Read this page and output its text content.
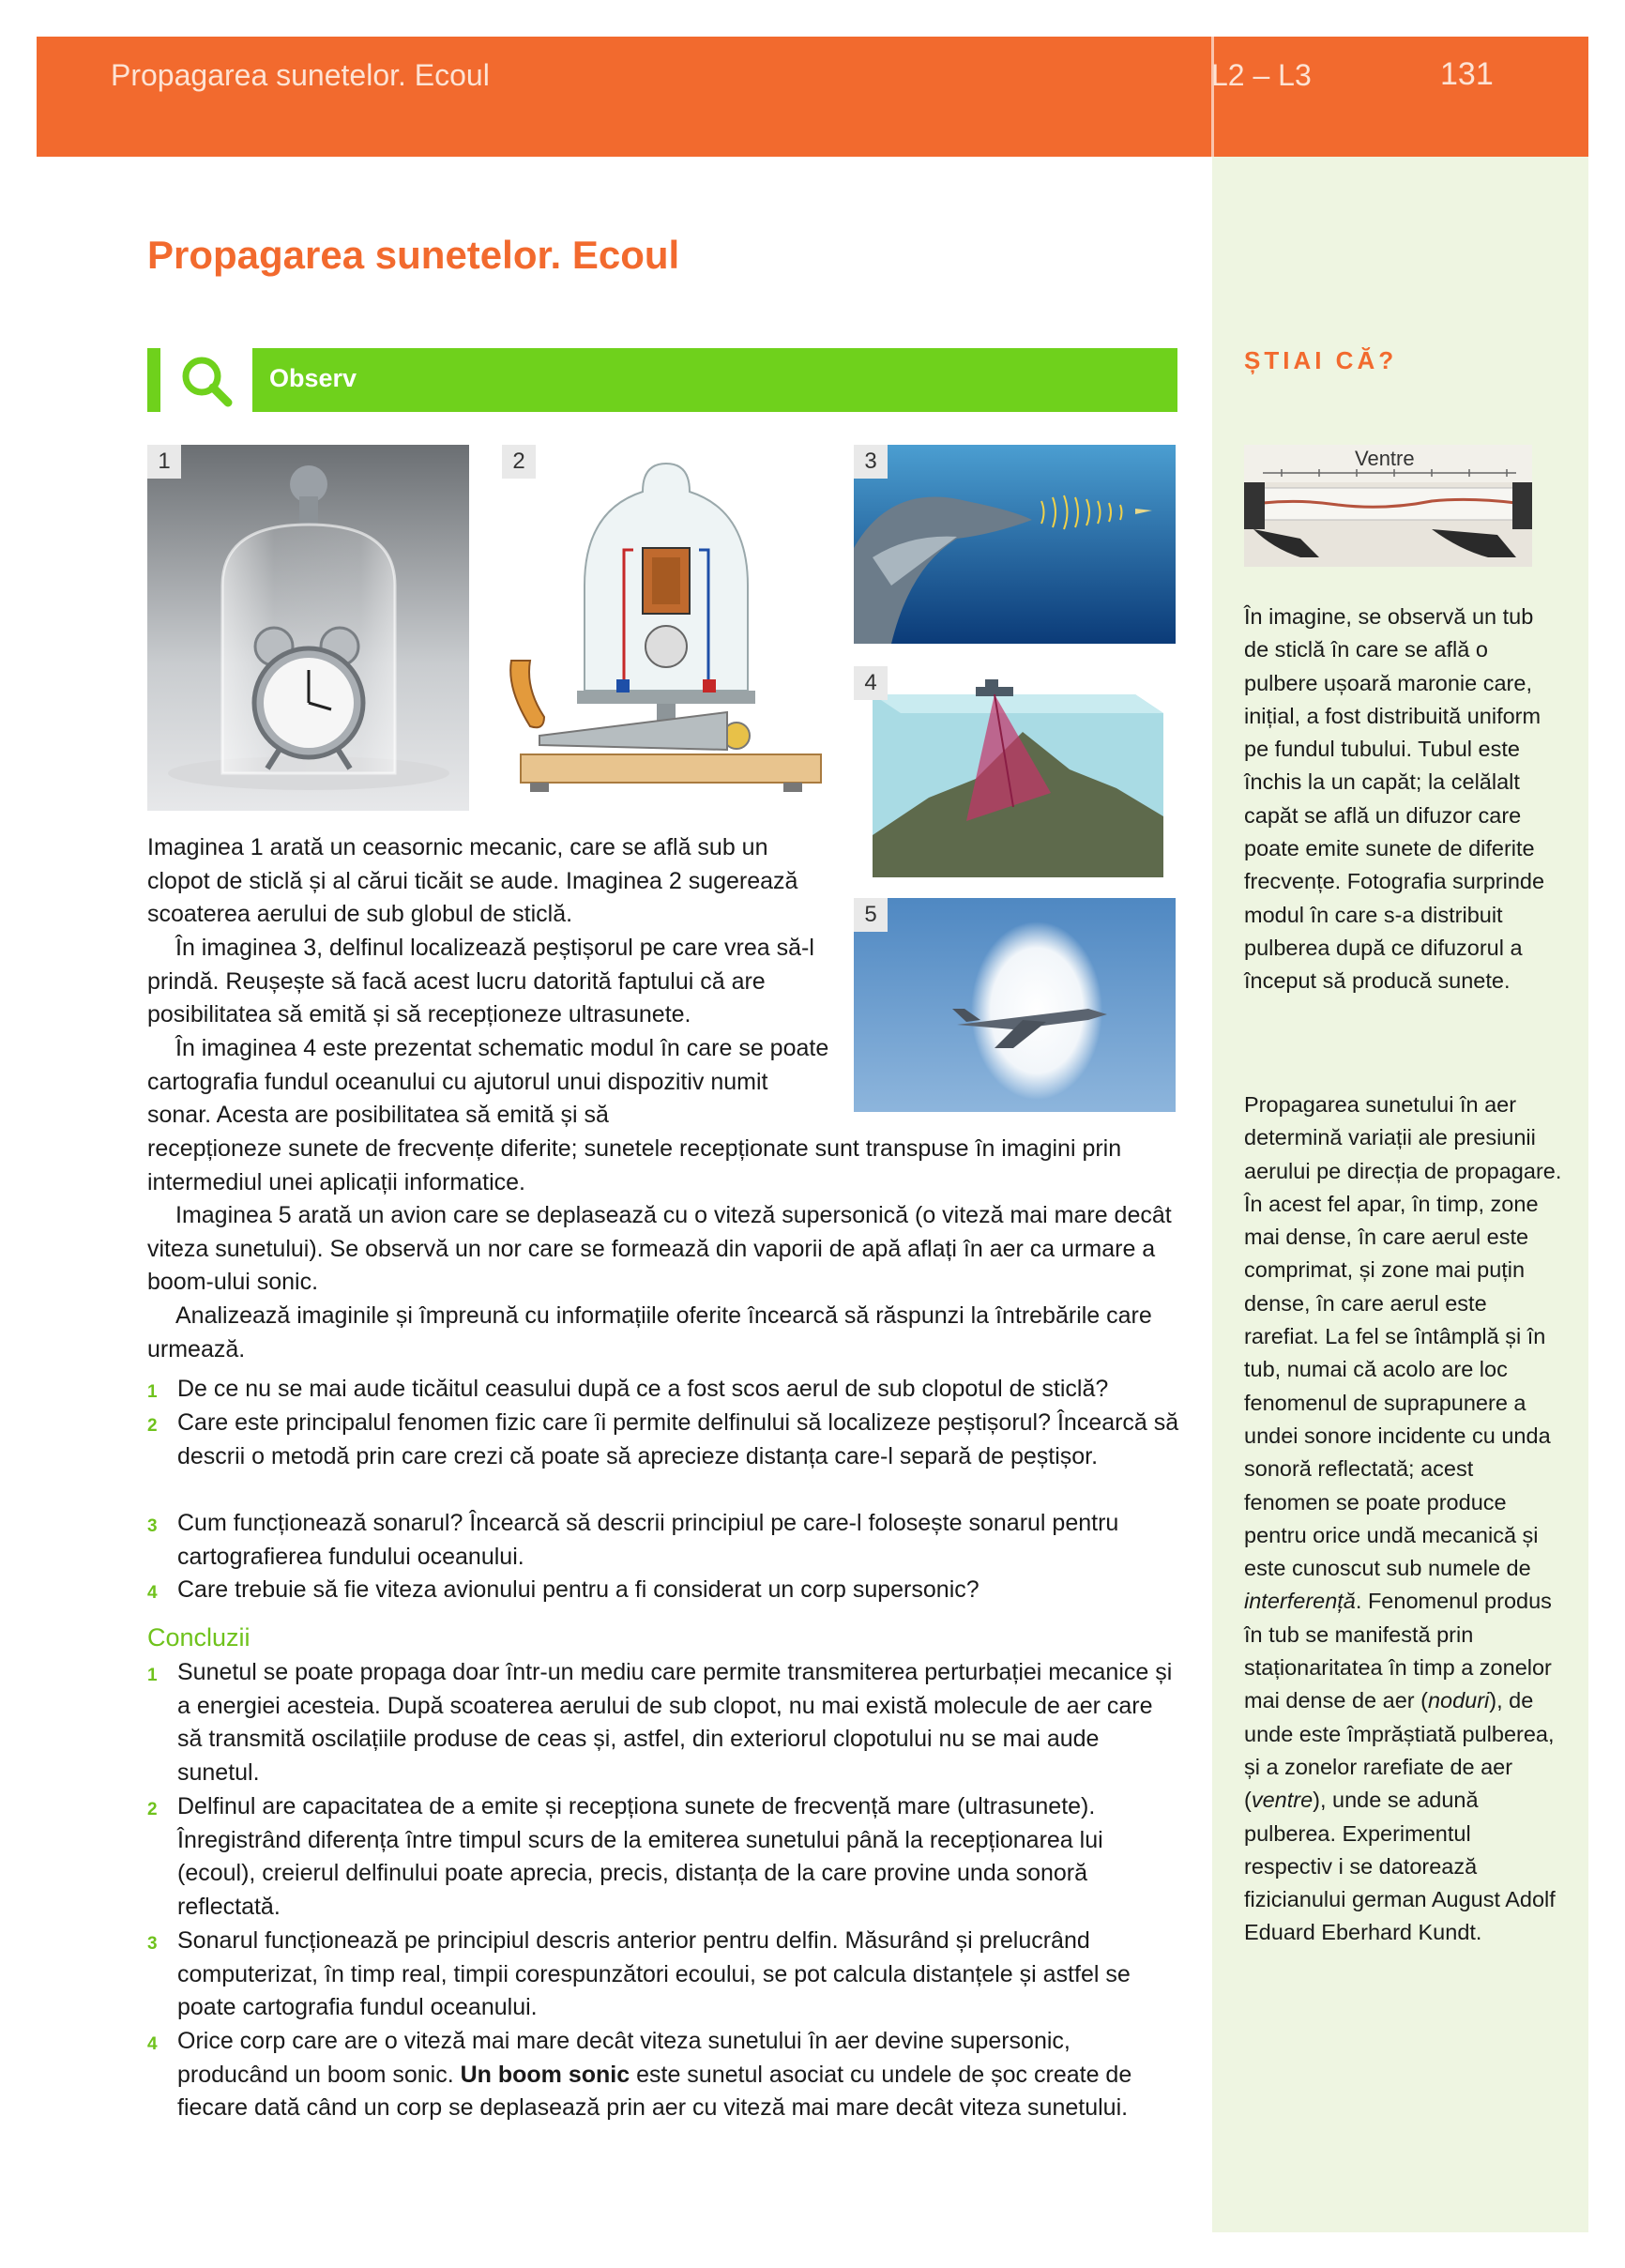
Propagarea sunetelor. Ecoul	L2 – L3	131
ȘTIAI CĂ?
Ventre
În imagine, se observă un tub de sticlă în care se află o pulbere ușoară maronie care, inițial, a fost distribuită uniform pe fundul tubului. Tubul este închis la un capăt; la celălalt capăt se află un difuzor care poate emite sunete de diferite frecvențe. Fotografia surprinde modul în care s-a distribuit pulberea după ce difuzorul a început să producă sunete.
Propagarea sunetului în aer determină variații ale presiunii aerului pe direcția de propagare. În acest fel apar, în timp, zone mai dense, în care aerul este comprimat, și zone mai puțin dense, în care aerul este rarefiat. La fel se întâmplă și în tub, numai că acolo are loc fenomenul de suprapunere a undei sonore incidente cu unda sonoră reflectată; acest fenomen se poate produce pentru orice undă mecanică și este cunoscut sub numele de interferență. Fenomenul produs în tub se manifestă prin staționaritatea în timp a zonelor mai dense de aer (noduri), de unde este împrăștiată pulberea, și a zonelor rarefiate de aer (ventre), unde se adună pulberea. Experimentul respectiv i se datorează fizicianului german August Adolf Eduard Eberhard Kundt.
Propagarea sunetelor. Ecoul
Observ
1	2	3
4
5
Imaginea 1 arată un ceasornic mecanic, care se află sub un clopot de sticlă și al cărui ticăit se aude. Imaginea 2 sugerează scoaterea aerului de sub globul de sticlă.
În imaginea 3, delfinul localizează peștișorul pe care vrea să-l prindă. Reușește să facă acest lucru datorită faptului că are posibilitatea să emită și să recepționeze ultrasunete.
În imaginea 4 este prezentat schematic modul în care se poate cartografia fundul oceanului cu ajutorul unui dispozitiv numit sonar. Acesta are posibilitatea să emită și să
recepționeze sunete de frecvențe diferite; sunetele recepționate sunt transpuse în imagini prin intermediul unei aplicații informatice.
Imaginea 5 arată un avion care se deplasează cu o viteză supersonică (o viteză mai mare decât viteza sunetului). Se observă un nor care se formează din vaporii de apă aflați în aer ca urmare a boom-ului sonic.
Analizează imaginile și împreună cu informațiile oferite încearcă să răspunzi la întrebările care urmează.
1 De ce nu se mai aude ticăitul ceasului după ce a fost scos aerul de sub clopotul de sticlă?
2 Care este principalul fenomen fizic care îi permite delfinului să localizeze peștișorul? Încearcă să descrii o metodă prin care crezi că poate să aprecieze distanța care-l separă de peștișor.
3 Cum funcționează sonarul? Încearcă să descrii principiul pe care-l folosește sonarul pentru cartografierea fundului oceanului.
4 Care trebuie să fie viteza avionului pentru a fi considerat un corp supersonic?
Concluzii
1 Sunetul se poate propaga doar într-un mediu care permite transmiterea perturbației mecanice și a energiei acesteia. După scoaterea aerului de sub clopot, nu mai există molecule de aer care să transmită oscilațiile produse de ceas și, astfel, din exteriorul clopotului nu se mai aude sunetul.
2 Delfinul are capacitatea de a emite și recepționa sunete de frecvență mare (ultrasunete). Înregistrând diferența între timpul scurs de la emiterea sunetului până la recepționarea lui (ecoul), creierul delfinului poate aprecia, precis, distanța de la care provine unda sonoră reflectată.
3 Sonarul funcționează pe principiul descris anterior pentru delfin. Măsurând și prelucrând computerizat, în timp real, timpii corespunzători ecoului, se pot calcula distanțele și astfel se poate cartografia fundul oceanului.
4 Orice corp care are o viteză mai mare decât viteza sunetului în aer devine supersonic, producând un boom sonic. Un boom sonic este sunetul asociat cu undele de șoc create de fiecare dată când un corp se deplasează prin aer cu viteză mai mare decât viteza sunetului.
